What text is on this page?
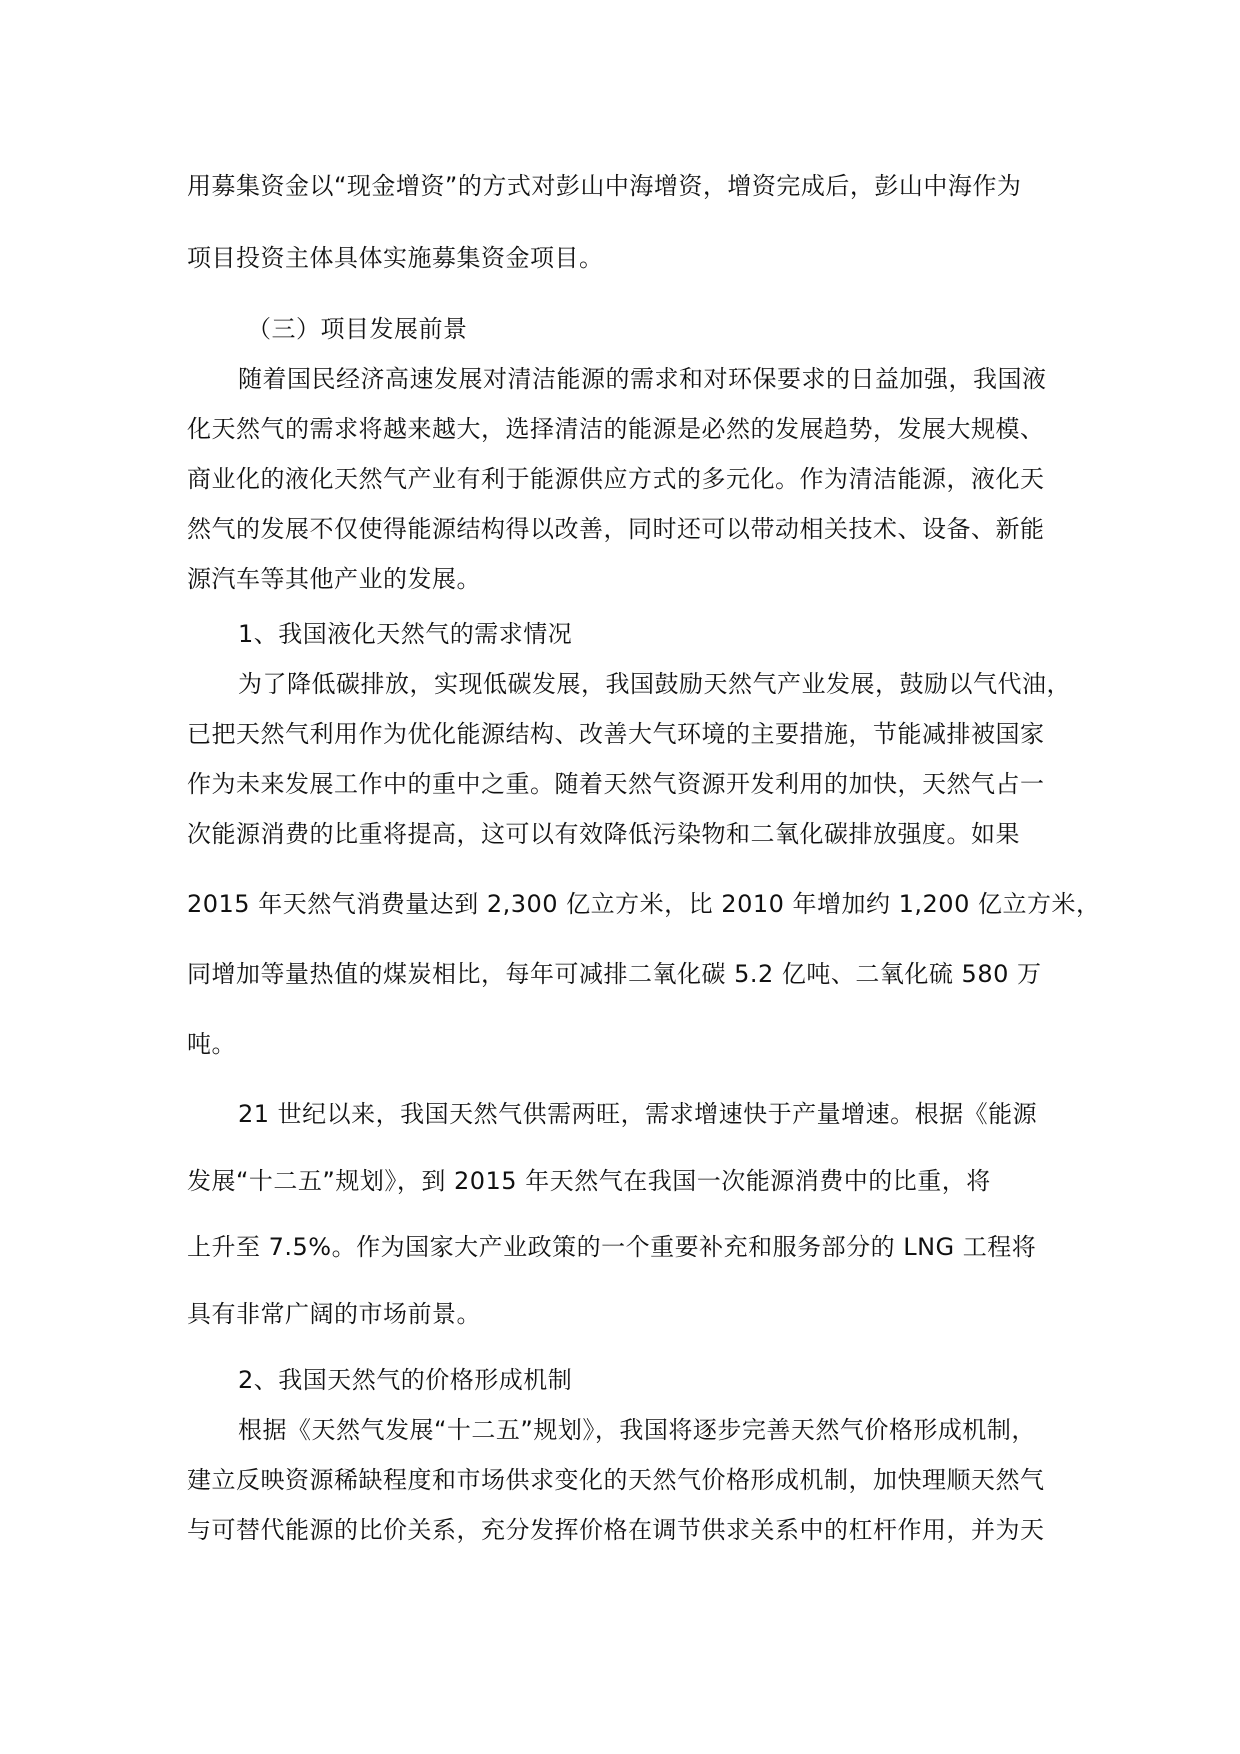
用募集资金以“现金增资”的方式对彭山中海增资，增资完成后，彭山中海作为
项目投资主体具体实施募集资金项目。
（三）项目发展前景
随着国民经济高速发展对清洁能源的需求和对环保要求的日益加强，我国液
化天然气的需求将越来越大，选择清洁的能源是必然的发展趋势，发展大规模、
商业化的液化天然气产业有利于能源供应方式的多元化。作为清洁能源，液化天
然气的发展不仅使得能源结构得以改善，同时还可以带动相关技术、设备、新能
源汽车等其他产业的发展。
1、我国液化天然气的需求情况
为了降低碳排放，实现低碳发展，我国鼓励天然气产业发展，鼓励以气代油，
已把天然气利用作为优化能源结构、改善大气环境的主要措施，节能减排被国家
作为未来发展工作中的重中之重。随着天然气资源开发利用的加快，天然气占一
次能源消费的比重将提高，这可以有效降低污染物和二氧化碳排放强度。如果
2015 年天然气消费量达到 2,300 亿立方米，比 2010 年增加约 1,200 亿立方米，
同增加等量热值的煤炭相比，每年可减排二氧化碳 5.2 亿吨、二氧化硫 580 万
吨。
21 世纪以来，我国天然气供需两旺，需求增速快于产量增速。根据《能源
发展“十二五”规划》，到 2015 年天然气在我国一次能源消费中的比重，将
上升至 7.5%。作为国家大产业政策的一个重要补充和服务部分的 LNG 工程将
具有非常广阔的市场前景。
2、我国天然气的价格形成机制
根据《天然气发展“十二五”规划》，我国将逐步完善天然气价格形成机制，
建立反映资源稀缺程度和市场供求变化的天然气价格形成机制，加快理顺天然气
与可替代能源的比价关系，充分发挥价格在调节供求关系中的杠杆作用，并为天
